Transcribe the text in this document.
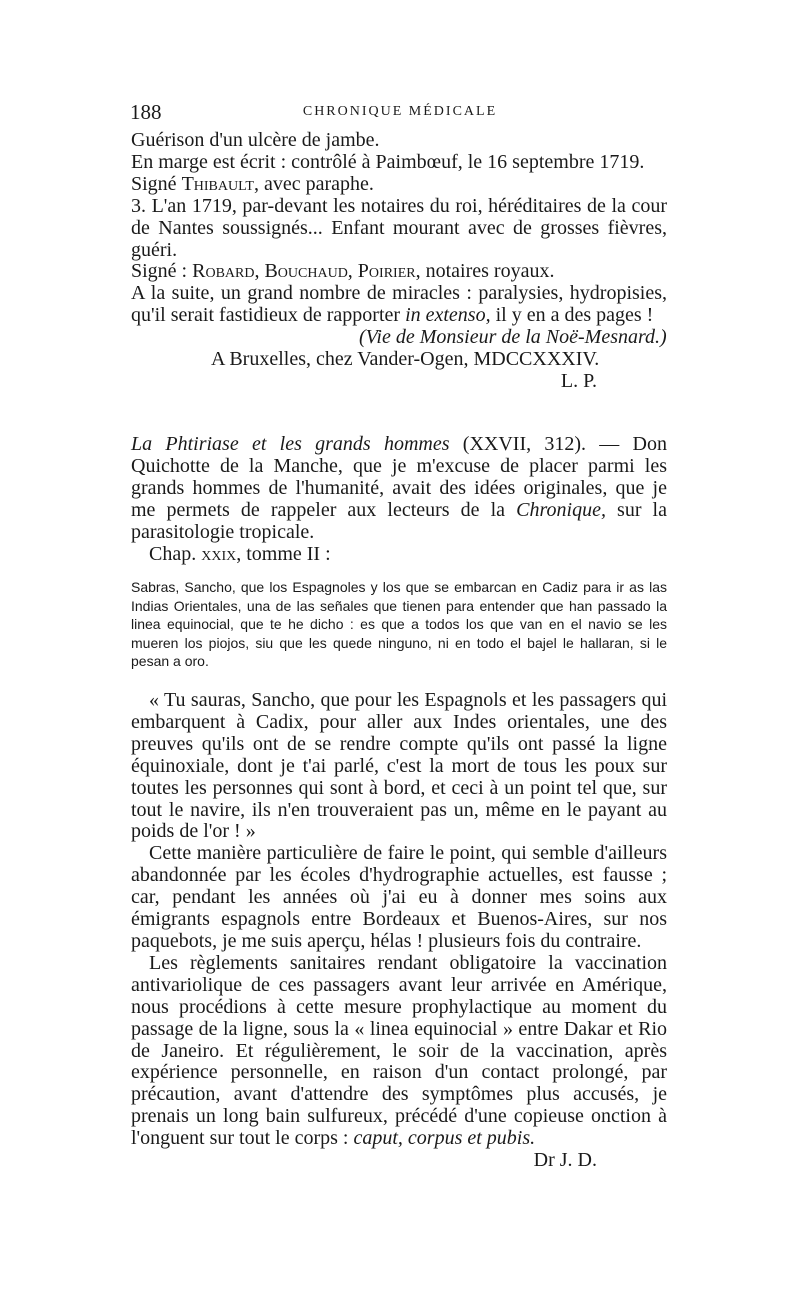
188	CHRONIQUE MÉDICALE

Guérison d'un ulcère de jambe.

En marge est écrit : contrôlé à Paimbœuf, le 16 septembre 1719.

Signé Thibault, avec paraphe.

3. L'an 1719, par-devant les notaires du roi, héréditaires de la cour de Nantes soussignés... Enfant mourant avec de grosses fièvres, guéri.

Signé : Robard, Bouchaud, Poirier, notaires royaux.

A la suite, un grand nombre de miracles : paralysies, hydropisies, qu'il serait fastidieux de rapporter in extenso, il y en a des pages !

(Vie de Monsieur de la Noë-Mesnard.)

A Bruxelles, chez Vander-Ogen, MDCCXXXIV.

L. P.

La Phtiriase et les grands hommes (XXVII, 312). — Don Quichotte de la Manche, que je m'excuse de placer parmi les grands hommes de l'humanité, avait des idées originales, que je me permets de rappeler aux lecteurs de la Chronique, sur la parasitologie tropicale.

Chap. xxix, tomme II :

Sabras, Sancho, que los Espagnoles y los que se embarcan en Cadiz para ir as las Indias Orientales, una de las señales que tienen para entender que han passado la linea equinocial, que te he dicho : es que a todos los que van en el navio se les mueren los piojos, siu que les quede ninguno, ni en todo el bajel le hallaran, si le pesan a oro.

« Tu sauras, Sancho, que pour les Espagnols et les passagers qui embarquent à Cadix, pour aller aux Indes orientales, une des preuves qu'ils ont de se rendre compte qu'ils ont passé la ligne équinoxiale, dont je t'ai parlé, c'est la mort de tous les poux sur toutes les personnes qui sont à bord, et ceci à un point tel que, sur tout le navire, ils n'en trouveraient pas un, même en le payant au poids de l'or ! »

Cette manière particulière de faire le point, qui semble d'ailleurs abandonnée par les écoles d'hydrographie actuelles, est fausse ; car, pendant les années où j'ai eu à donner mes soins aux émigrants espagnols entre Bordeaux et Buenos-Aires, sur nos paquebots, je me suis aperçu, hélas ! plusieurs fois du contraire.

Les règlements sanitaires rendant obligatoire la vaccination antivariolique de ces passagers avant leur arrivée en Amérique, nous procédions à cette mesure prophylactique au moment du passage de la ligne, sous la « linea equinocial » entre Dakar et Rio de Janeiro. Et régulièrement, le soir de la vaccination, après expérience personnelle, en raison d'un contact prolongé, par précaution, avant d'attendre des symptômes plus accusés, je prenais un long bain sulfureux, précédé d'une copieuse onction à l'onguent sur tout le corps : caput, corpus et pubis.

Dr J. D.
